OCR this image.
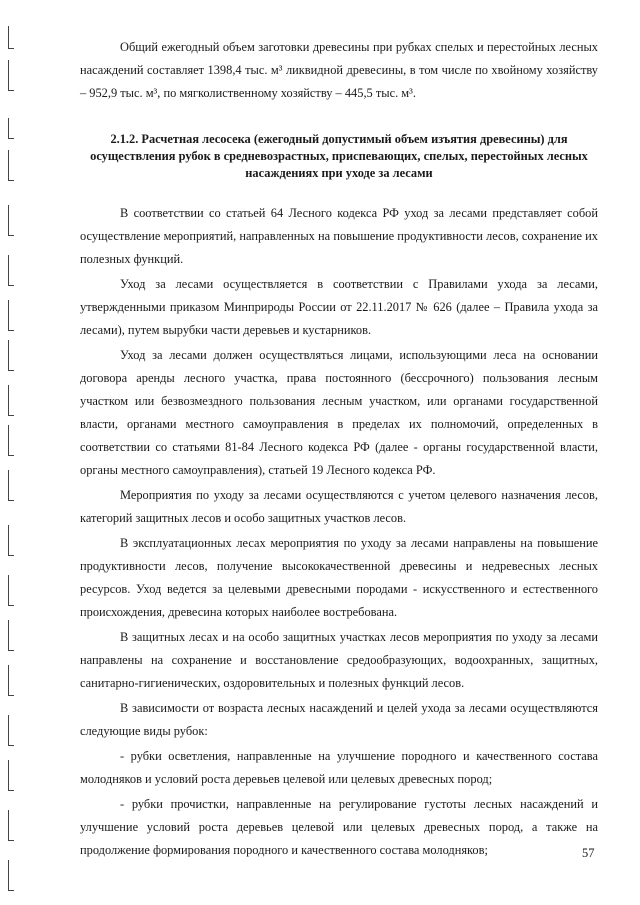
Общий ежегодный объем заготовки древесины при рубках спелых и перестойных лесных насаждений составляет 1398,4 тыс. м³ ликвидной древесины, в том числе по хвойному хозяйству – 952,9 тыс. м³, по мягколиственному хозяйству – 445,5 тыс. м³.

2.1.2. Расчетная лесосека (ежегодный допустимый объем изъятия древесины) для осуществления рубок в средневозрастных, приспевающих, спелых, перестойных лесных насаждениях при уходе за лесами

В соответствии со статьей 64 Лесного кодекса РФ уход за лесами представляет собой осуществление мероприятий, направленных на повышение продуктивности лесов, сохранение их полезных функций.

Уход за лесами осуществляется в соответствии с Правилами ухода за лесами, утвержденными приказом Минприроды России от 22.11.2017 № 626 (далее – Правила ухода за лесами), путем вырубки части деревьев и кустарников.

Уход за лесами должен осуществляться лицами, использующими леса на основании договора аренды лесного участка, права постоянного (бессрочного) пользования лесным участком или безвозмездного пользования лесным участком, или органами государственной власти, органами местного самоуправления в пределах их полномочий, определенных в соответствии со статьями 81-84 Лесного кодекса РФ (далее - органы государственной власти, органы местного самоуправления), статьей 19 Лесного кодекса РФ.

Мероприятия по уходу за лесами осуществляются с учетом целевого назначения лесов, категорий защитных лесов и особо защитных участков лесов.

В эксплуатационных лесах мероприятия по уходу за лесами направлены на повышение продуктивности лесов, получение высококачественной древесины и недревесных лесных ресурсов. Уход ведется за целевыми древесными породами - искусственного и естественного происхождения, древесина которых наиболее востребована.

В защитных лесах и на особо защитных участках лесов мероприятия по уходу за лесами направлены на сохранение и восстановление средообразующих, водоохранных, защитных, санитарно-гигиенических, оздоровительных и полезных функций лесов.

В зависимости от возраста лесных насаждений и целей ухода за лесами осуществляются следующие виды рубок:

- рубки осветления, направленные на улучшение породного и качественного состава молодняков и условий роста деревьев целевой или целевых древесных пород;

- рубки прочистки, направленные на регулирование густоты лесных насаждений и улучшение условий роста деревьев целевой или целевых древесных пород, а также на продолжение формирования породного и качественного состава молодняков;	57
